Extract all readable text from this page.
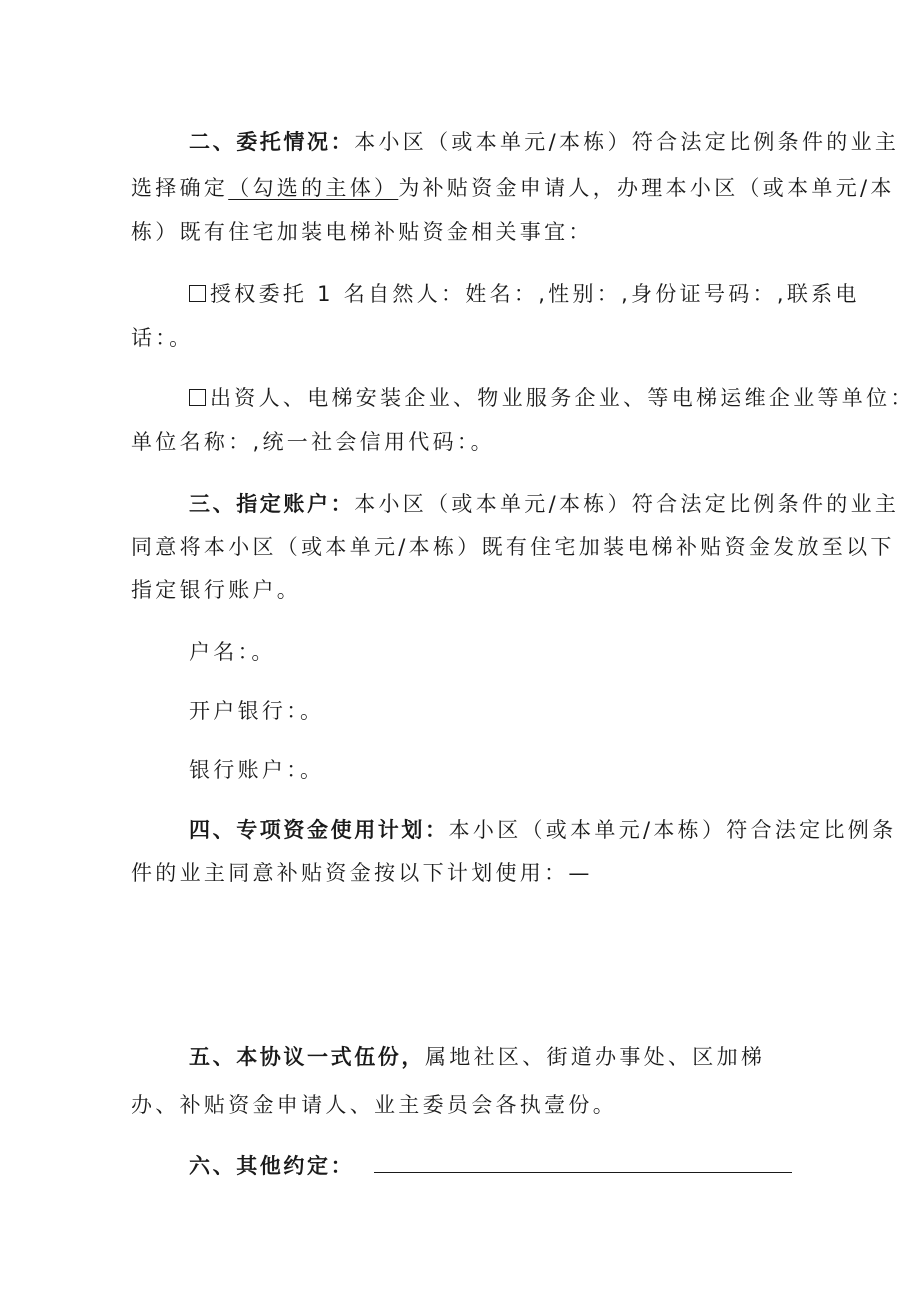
二、委托情况：本小区（或本单元/本栋）符合法定比例条件的业主
选择确定（勾选的主体）为补贴资金申请人，办理本小区（或本单元/本
栋）既有住宅加装电梯补贴资金相关事宜：
授权委托 1 名自然人：姓名：,性别：,身份证号码：,联系电
话：。
出资人、电梯安装企业、物业服务企业、等电梯运维企业等单位：
单位名称：,统一社会信用代码：。
三、指定账户：本小区（或本单元/本栋）符合法定比例条件的业主
同意将本小区（或本单元/本栋）既有住宅加装电梯补贴资金发放至以下
指定银行账户。
户名：。
开户银行：。
银行账户：。
四、专项资金使用计划：本小区（或本单元/本栋）符合法定比例条
件的业主同意补贴资金按以下计划使用：—
五、本协议一式伍份，属地社区、街道办事处、区加梯
办、补贴资金申请人、业主委员会各执壹份。
六、其他约定：
